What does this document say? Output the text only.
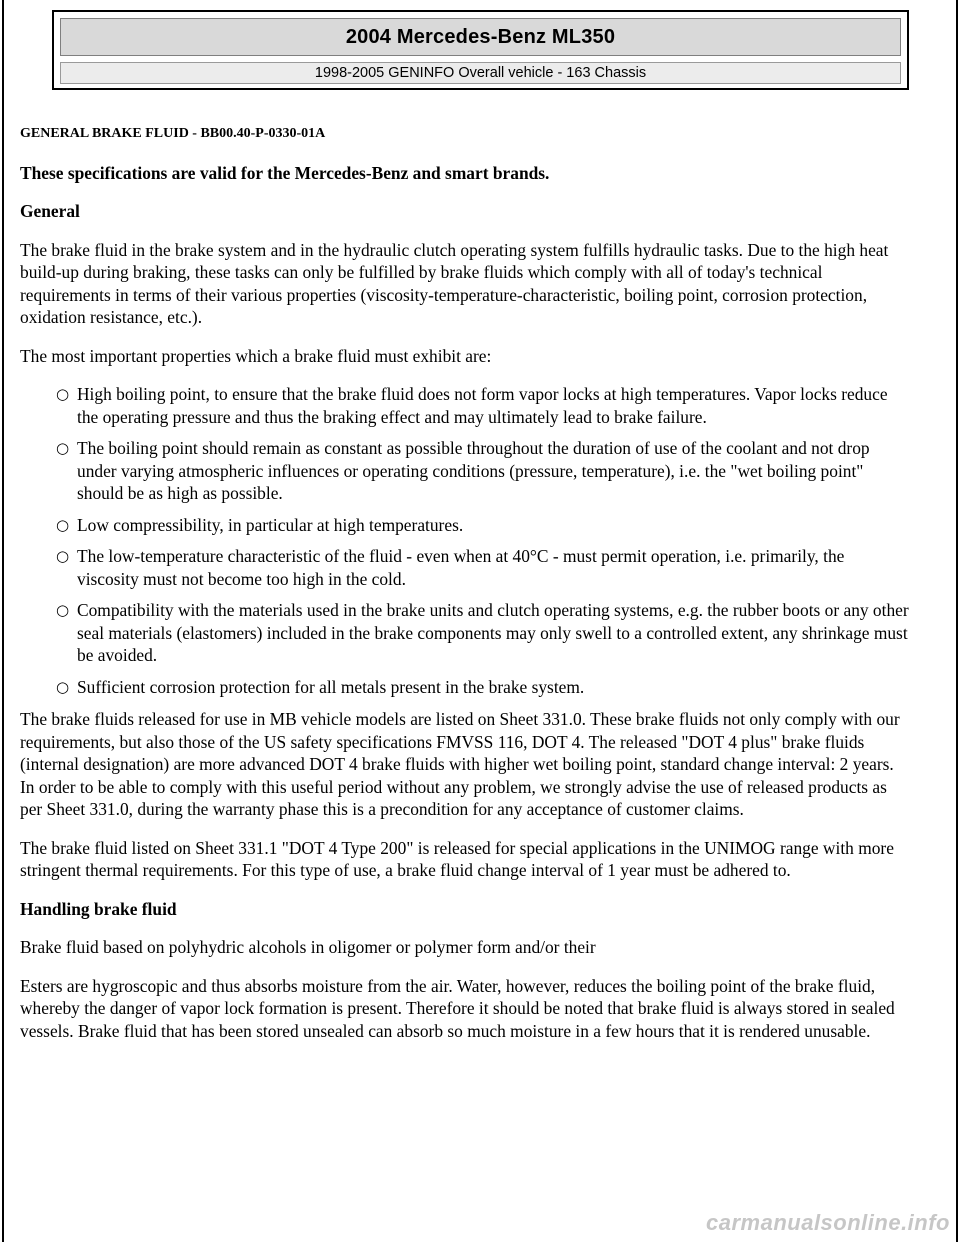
2004 Mercedes-Benz ML350
1998-2005 GENINFO Overall vehicle - 163 Chassis
GENERAL BRAKE FLUID - BB00.40-P-0330-01A
These specifications are valid for the Mercedes-Benz and smart brands.
General

The brake fluid in the brake system and in the hydraulic clutch operating system fulfills hydraulic tasks. Due to the high heat build-up during braking, these tasks can only be fulfilled by brake fluids which comply with all of today's technical requirements in terms of their various properties (viscosity-temperature-characteristic, boiling point, corrosion protection, oxidation resistance, etc.).

The most important properties which a brake fluid must exhibit are:

○ High boiling point, to ensure that the brake fluid does not form vapor locks at high temperatures. Vapor locks reduce the operating pressure and thus the braking effect and may ultimately lead to brake failure.
○ The boiling point should remain as constant as possible throughout the duration of use of the coolant and not drop under varying atmospheric influences or operating conditions (pressure, temperature), i.e. the "wet boiling point" should be as high as possible.
○ Low compressibility, in particular at high temperatures.
○ The low-temperature characteristic of the fluid - even when at 40°C - must permit operation, i.e. primarily, the viscosity must not become too high in the cold.
○ Compatibility with the materials used in the brake units and clutch operating systems, e.g. the rubber boots or any other seal materials (elastomers) included in the brake components may only swell to a controlled extent, any shrinkage must be avoided.
○ Sufficient corrosion protection for all metals present in the brake system.

The brake fluids released for use in MB vehicle models are listed on Sheet 331.0. These brake fluids not only comply with our requirements, but also those of the US safety specifications FMVSS 116, DOT 4. The released "DOT 4 plus" brake fluids (internal designation) are more advanced DOT 4 brake fluids with higher wet boiling point, standard change interval: 2 years. In order to be able to comply with this useful period without any problem, we strongly advise the use of released products as per Sheet 331.0, during the warranty phase this is a precondition for any acceptance of customer claims.

The brake fluid listed on Sheet 331.1 "DOT 4 Type 200" is released for special applications in the UNIMOG range with more stringent thermal requirements. For this type of use, a brake fluid change interval of 1 year must be adhered to.

Handling brake fluid

Brake fluid based on polyhydric alcohols in oligomer or polymer form and/or their

Esters are hygroscopic and thus absorbs moisture from the air. Water, however, reduces the boiling point of the brake fluid, whereby the danger of vapor lock formation is present. Therefore it should be noted that brake fluid is always stored in sealed vessels. Brake fluid that has been stored unsealed can absorb so much moisture in a few hours that it is rendered unusable.

carmanualsonline.info
